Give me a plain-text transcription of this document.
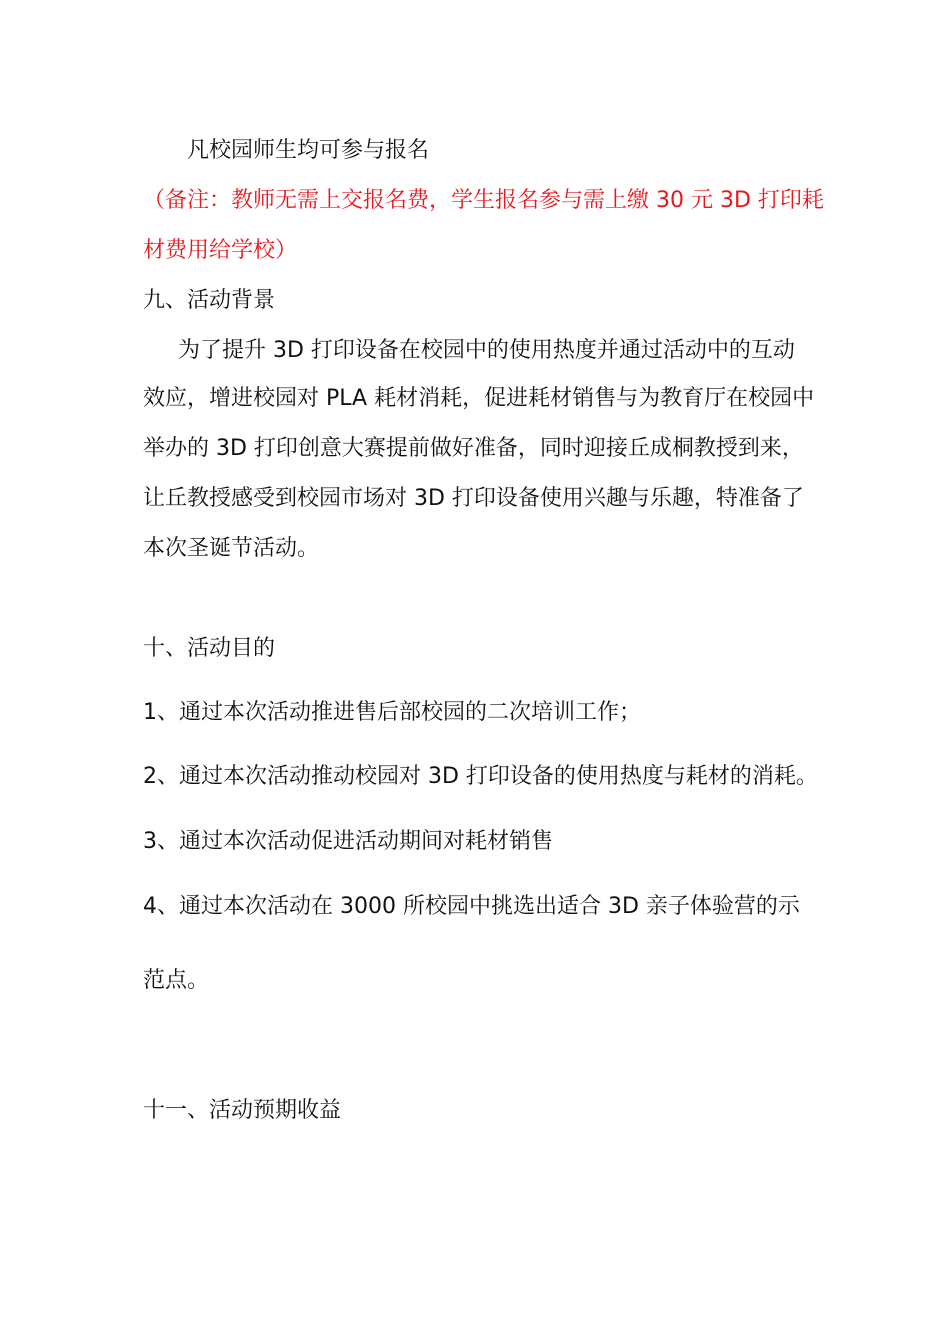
凡校园师生均可参与报名
（备注：教师无需上交报名费，学生报名参与需上缴 30 元 3D 打印耗
材费用给学校）
九、活动背景
为了提升 3D 打印设备在校园中的使用热度并通过活动中的互动
效应，增进校园对 PLA 耗材消耗，促进耗材销售与为教育厅在校园中
举办的 3D 打印创意大赛提前做好准备，同时迎接丘成桐教授到来，
让丘教授感受到校园市场对 3D 打印设备使用兴趣与乐趣，特准备了
本次圣诞节活动。
十、活动目的
1、通过本次活动推进售后部校园的二次培训工作；
2、通过本次活动推动校园对 3D 打印设备的使用热度与耗材的消耗。
3、通过本次活动促进活动期间对耗材销售
4、通过本次活动在 3000 所校园中挑选出适合 3D 亲子体验营的示
范点。
十一、活动预期收益
